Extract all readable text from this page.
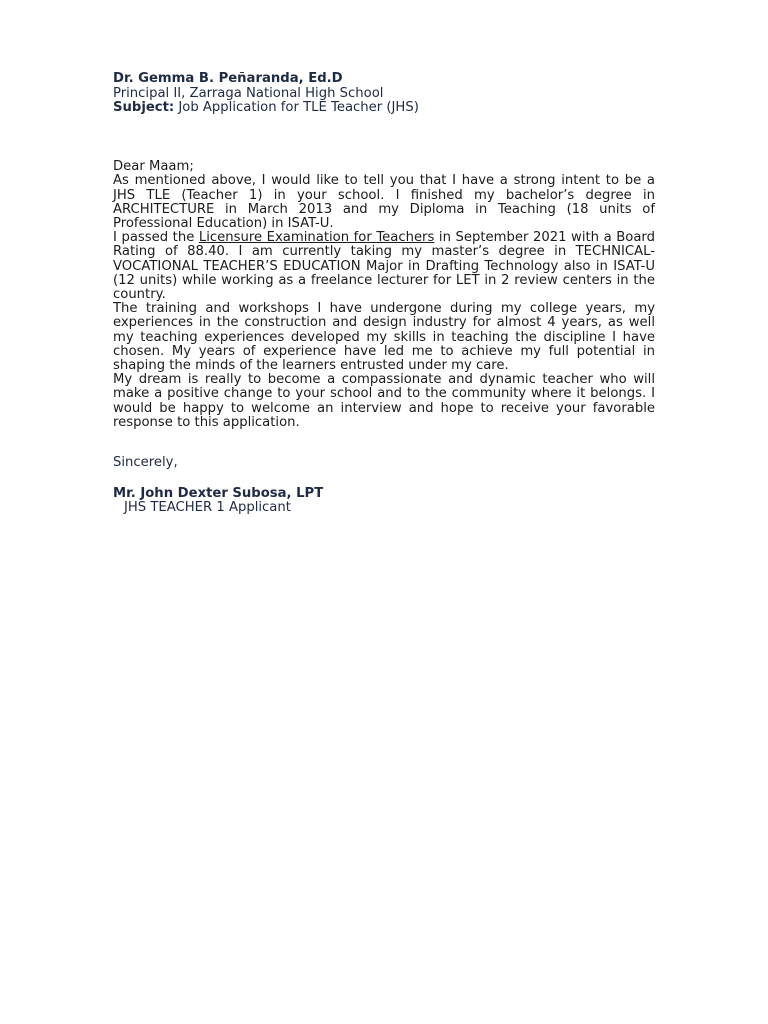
Dr. Gemma B. Peñaranda, Ed.D
Principal II, Zarraga National High School
Subject: Job Application for TLE Teacher (JHS)
Dear Maam;

As mentioned above, I would like to tell you that I have a strong intent to be a JHS TLE (Teacher 1) in your school. I finished my bachelor’s degree in ARCHITECTURE in March 2013 and my Diploma in Teaching (18 units of Professional Education) in ISAT-U.

I passed the Licensure Examination for Teachers in September 2021 with a Board Rating of 88.40. I am currently taking my master’s degree in TECHNICAL-VOCATIONAL TEACHER’S EDUCATION Major in Drafting Technology also in ISAT-U (12 units) while working as a freelance lecturer for LET in 2 review centers in the country.

The training and workshops I have undergone during my college years, my experiences in the construction and design industry for almost 4 years, as well my teaching experiences developed my skills in teaching the discipline I have chosen. My years of experience have led me to achieve my full potential in shaping the minds of the learners entrusted under my care.

My dream is really to become a compassionate and dynamic teacher who will make a positive change to your school and to the community where it belongs. I would be happy to welcome an interview and hope to receive your favorable response to this application.

Sincerely,
Mr. John Dexter Subosa, LPT
JHS TEACHER 1 Applicant
